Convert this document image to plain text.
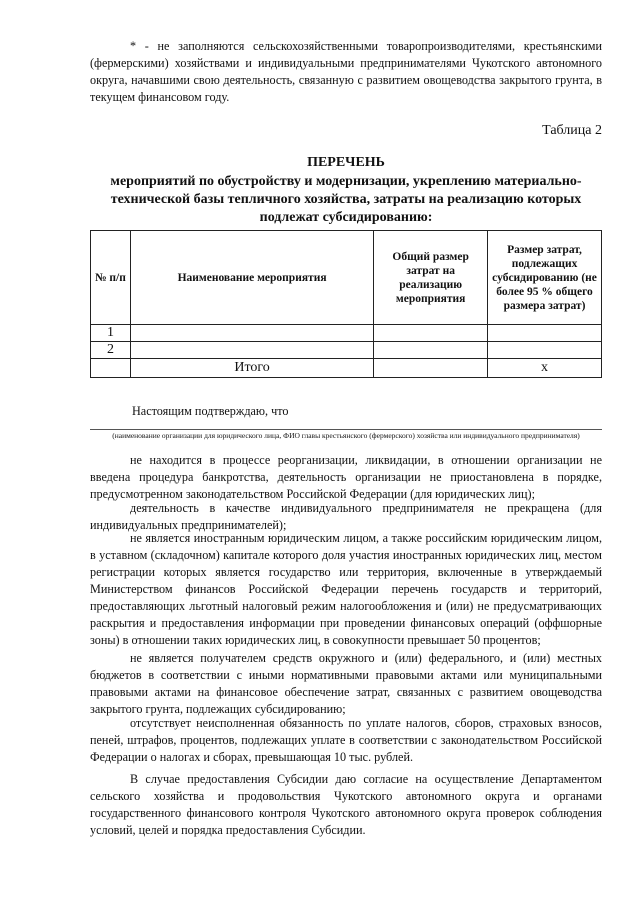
* - не заполняются сельскохозяйственными товаропроизводителями, крестьянскими (фермерскими) хозяйствами и индивидуальными предпринимателями Чукотского автономного округа, начавшими свою деятельность, связанную с развитием овощеводства закрытого грунта, в текущем финансовом году.
Таблица 2
ПЕРЕЧЕНЬ
мероприятий по обустройству и модернизации, укреплению материально-технической базы тепличного хозяйства, затраты на реализацию которых подлежат субсидированию:
№ п/п	Наименование мероприятия	Общий размер затрат на реализацию мероприятия	Размер затрат, подлежащих субсидированию (не более 95 % общего размера затрат)
1			
2			
	Итого		х
Настоящим подтверждаю, что
(наименование организации для юридического лица, ФИО главы крестьянского (фермерского) хозяйства или индивидуального предпринимателя)
не находится в процессе реорганизации, ликвидации, в отношении организации не введена процедура банкротства, деятельность организации не приостановлена в порядке, предусмотренном законодательством Российской Федерации (для юридических лиц);
деятельность в качестве индивидуального предпринимателя не прекращена (для индивидуальных предпринимателей);
не является иностранным юридическим лицом, а также российским юридическим лицом, в уставном (складочном) капитале которого доля участия иностранных юридических лиц, местом регистрации которых является государство или территория, включенные в утверждаемый Министерством финансов Российской Федерации перечень государств и территорий, предоставляющих льготный налоговый режим налогообложения и (или) не предусматривающих раскрытия и предоставления информации при проведении финансовых операций (оффшорные зоны) в отношении таких юридических лиц, в совокупности превышает 50 процентов;
не является получателем средств окружного и (или) федерального, и (или) местных бюджетов в соответствии с иными нормативными правовыми актами или муниципальными правовыми актами на финансовое обеспечение затрат, связанных с развитием овощеводства закрытого грунта, подлежащих субсидированию;
отсутствует неисполненная обязанность по уплате налогов, сборов, страховых взносов, пеней, штрафов, процентов, подлежащих уплате в соответствии с законодательством Российской Федерации о налогах и сборах, превышающая 10 тыс. рублей.
В случае предоставления Субсидии даю согласие на осуществление Департаментом сельского хозяйства и продовольствия Чукотского автономного округа и органами государственного финансового контроля Чукотского автономного округа проверок соблюдения условий, целей и порядка предоставления Субсидии.
